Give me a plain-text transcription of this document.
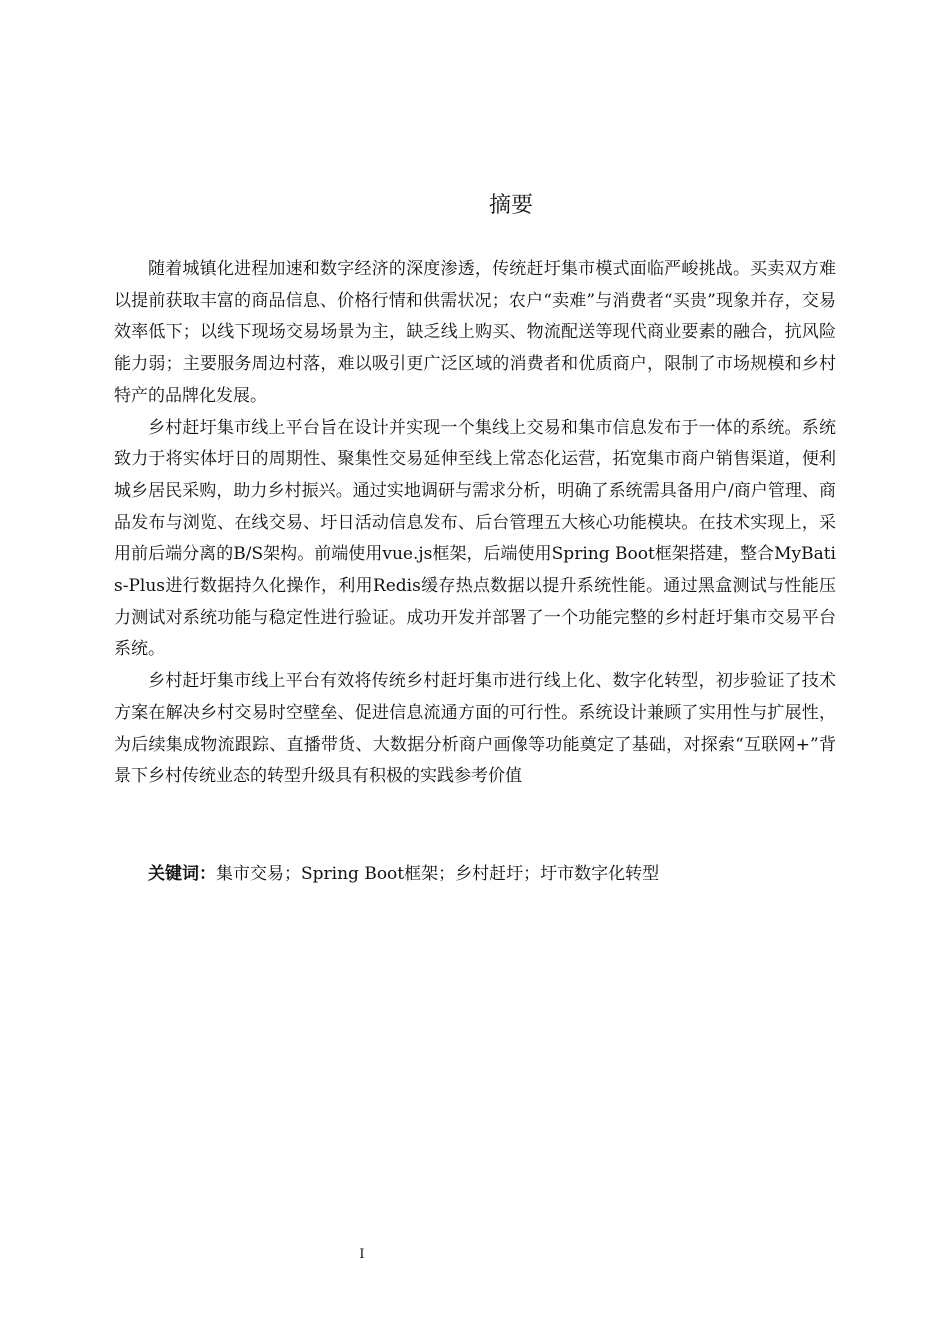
摘要

随着城镇化进程加速和数字经济的深度渗透，传统赶圩集市模式面临严峻挑战。买卖双方难以提前获取丰富的商品信息、价格行情和供需状况；农户“卖难”与消费者“买贵”现象并存，交易效率低下；以线下现场交易场景为主，缺乏线上购买、物流配送等现代商业要素的融合，抗风险能力弱；主要服务周边村落，难以吸引更广泛区域的消费者和优质商户，限制了市场规模和乡村特产的品牌化发展。

乡村赶圩集市线上平台旨在设计并实现一个集线上交易和集市信息发布于一体的系统。系统致力于将实体圩日的周期性、聚集性交易延伸至线上常态化运营，拓宽集市商户销售渠道，便利城乡居民采购，助力乡村振兴。通过实地调研与需求分析，明确了系统需具备用户/商户管理、商品发布与浏览、在线交易、圩日活动信息发布、后台管理五大核心功能模块。在技术实现上，采用前后端分离的B/S架构。前端使用vue.js框架，后端使用Spring Boot框架搭建，整合MyBatis-Plus进行数据持久化操作，利用Redis缓存热点数据以提升系统性能。通过黑盒测试与性能压力测试对系统功能与稳定性进行验证。成功开发并部署了一个功能完整的乡村赶圩集市交易平台系统。

乡村赶圩集市线上平台有效将传统乡村赶圩集市进行线上化、数字化转型，初步验证了技术方案在解决乡村交易时空壁垒、促进信息流通方面的可行性。系统设计兼顾了实用性与扩展性，为后续集成物流跟踪、直播带货、大数据分析商户画像等功能奠定了基础，对探索“互联网+”背景下乡村传统业态的转型升级具有积极的实践参考价值

关键词：集市交易；Spring Boot框架；乡村赶圩；圩市数字化转型
I
